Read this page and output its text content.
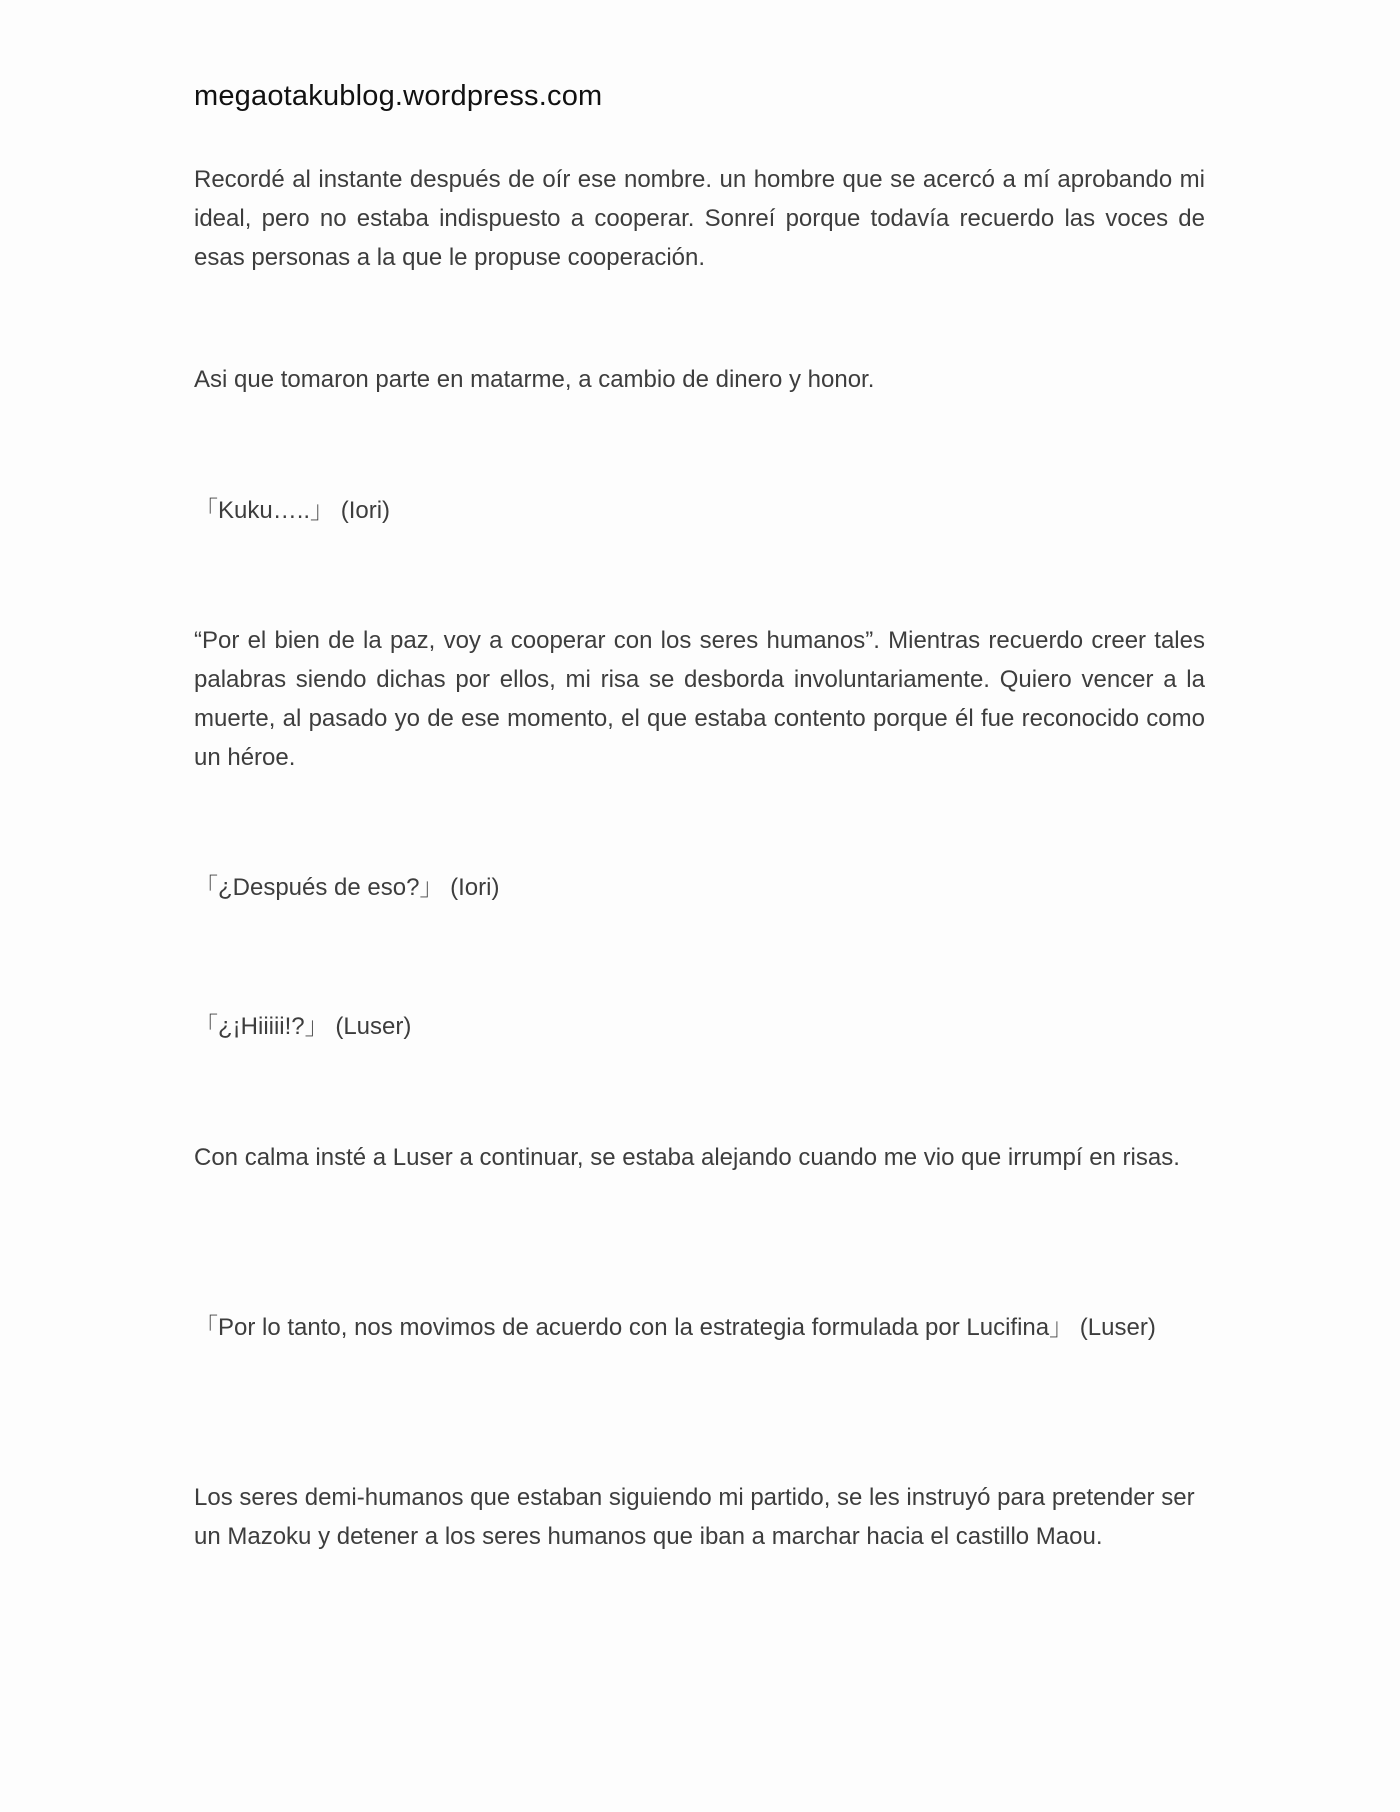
megaotakublog.wordpress.com

Recordé al instante después de oír ese nombre. un hombre que se acercó a mí aprobando mi ideal, pero no estaba indispuesto a cooperar. Sonreí porque todavía recuerdo las voces de esas personas a la que le propuse cooperación.

Asi que tomaron parte en matarme, a cambio de dinero y honor.

「Kuku…..」 (Iori)

“Por el bien de la paz, voy a cooperar con los seres humanos”. Mientras recuerdo creer tales palabras siendo dichas por ellos, mi risa se desborda involuntariamente. Quiero vencer a la muerte, al pasado yo de ese momento, el que estaba contento porque él fue reconocido como un héroe.

「¿Después de eso?」 (Iori)

「¿¡Hiiiii!?」 (Luser)

Con calma insté a Luser a continuar, se estaba alejando cuando me vio que irrumpí en risas.

「Por lo tanto, nos movimos de acuerdo con la estrategia formulada por Lucifina」 (Luser)

Los seres demi-humanos que estaban siguiendo mi partido, se les instruyó para pretender ser un Mazoku y detener a los seres humanos que iban a marchar hacia el castillo Maou.
